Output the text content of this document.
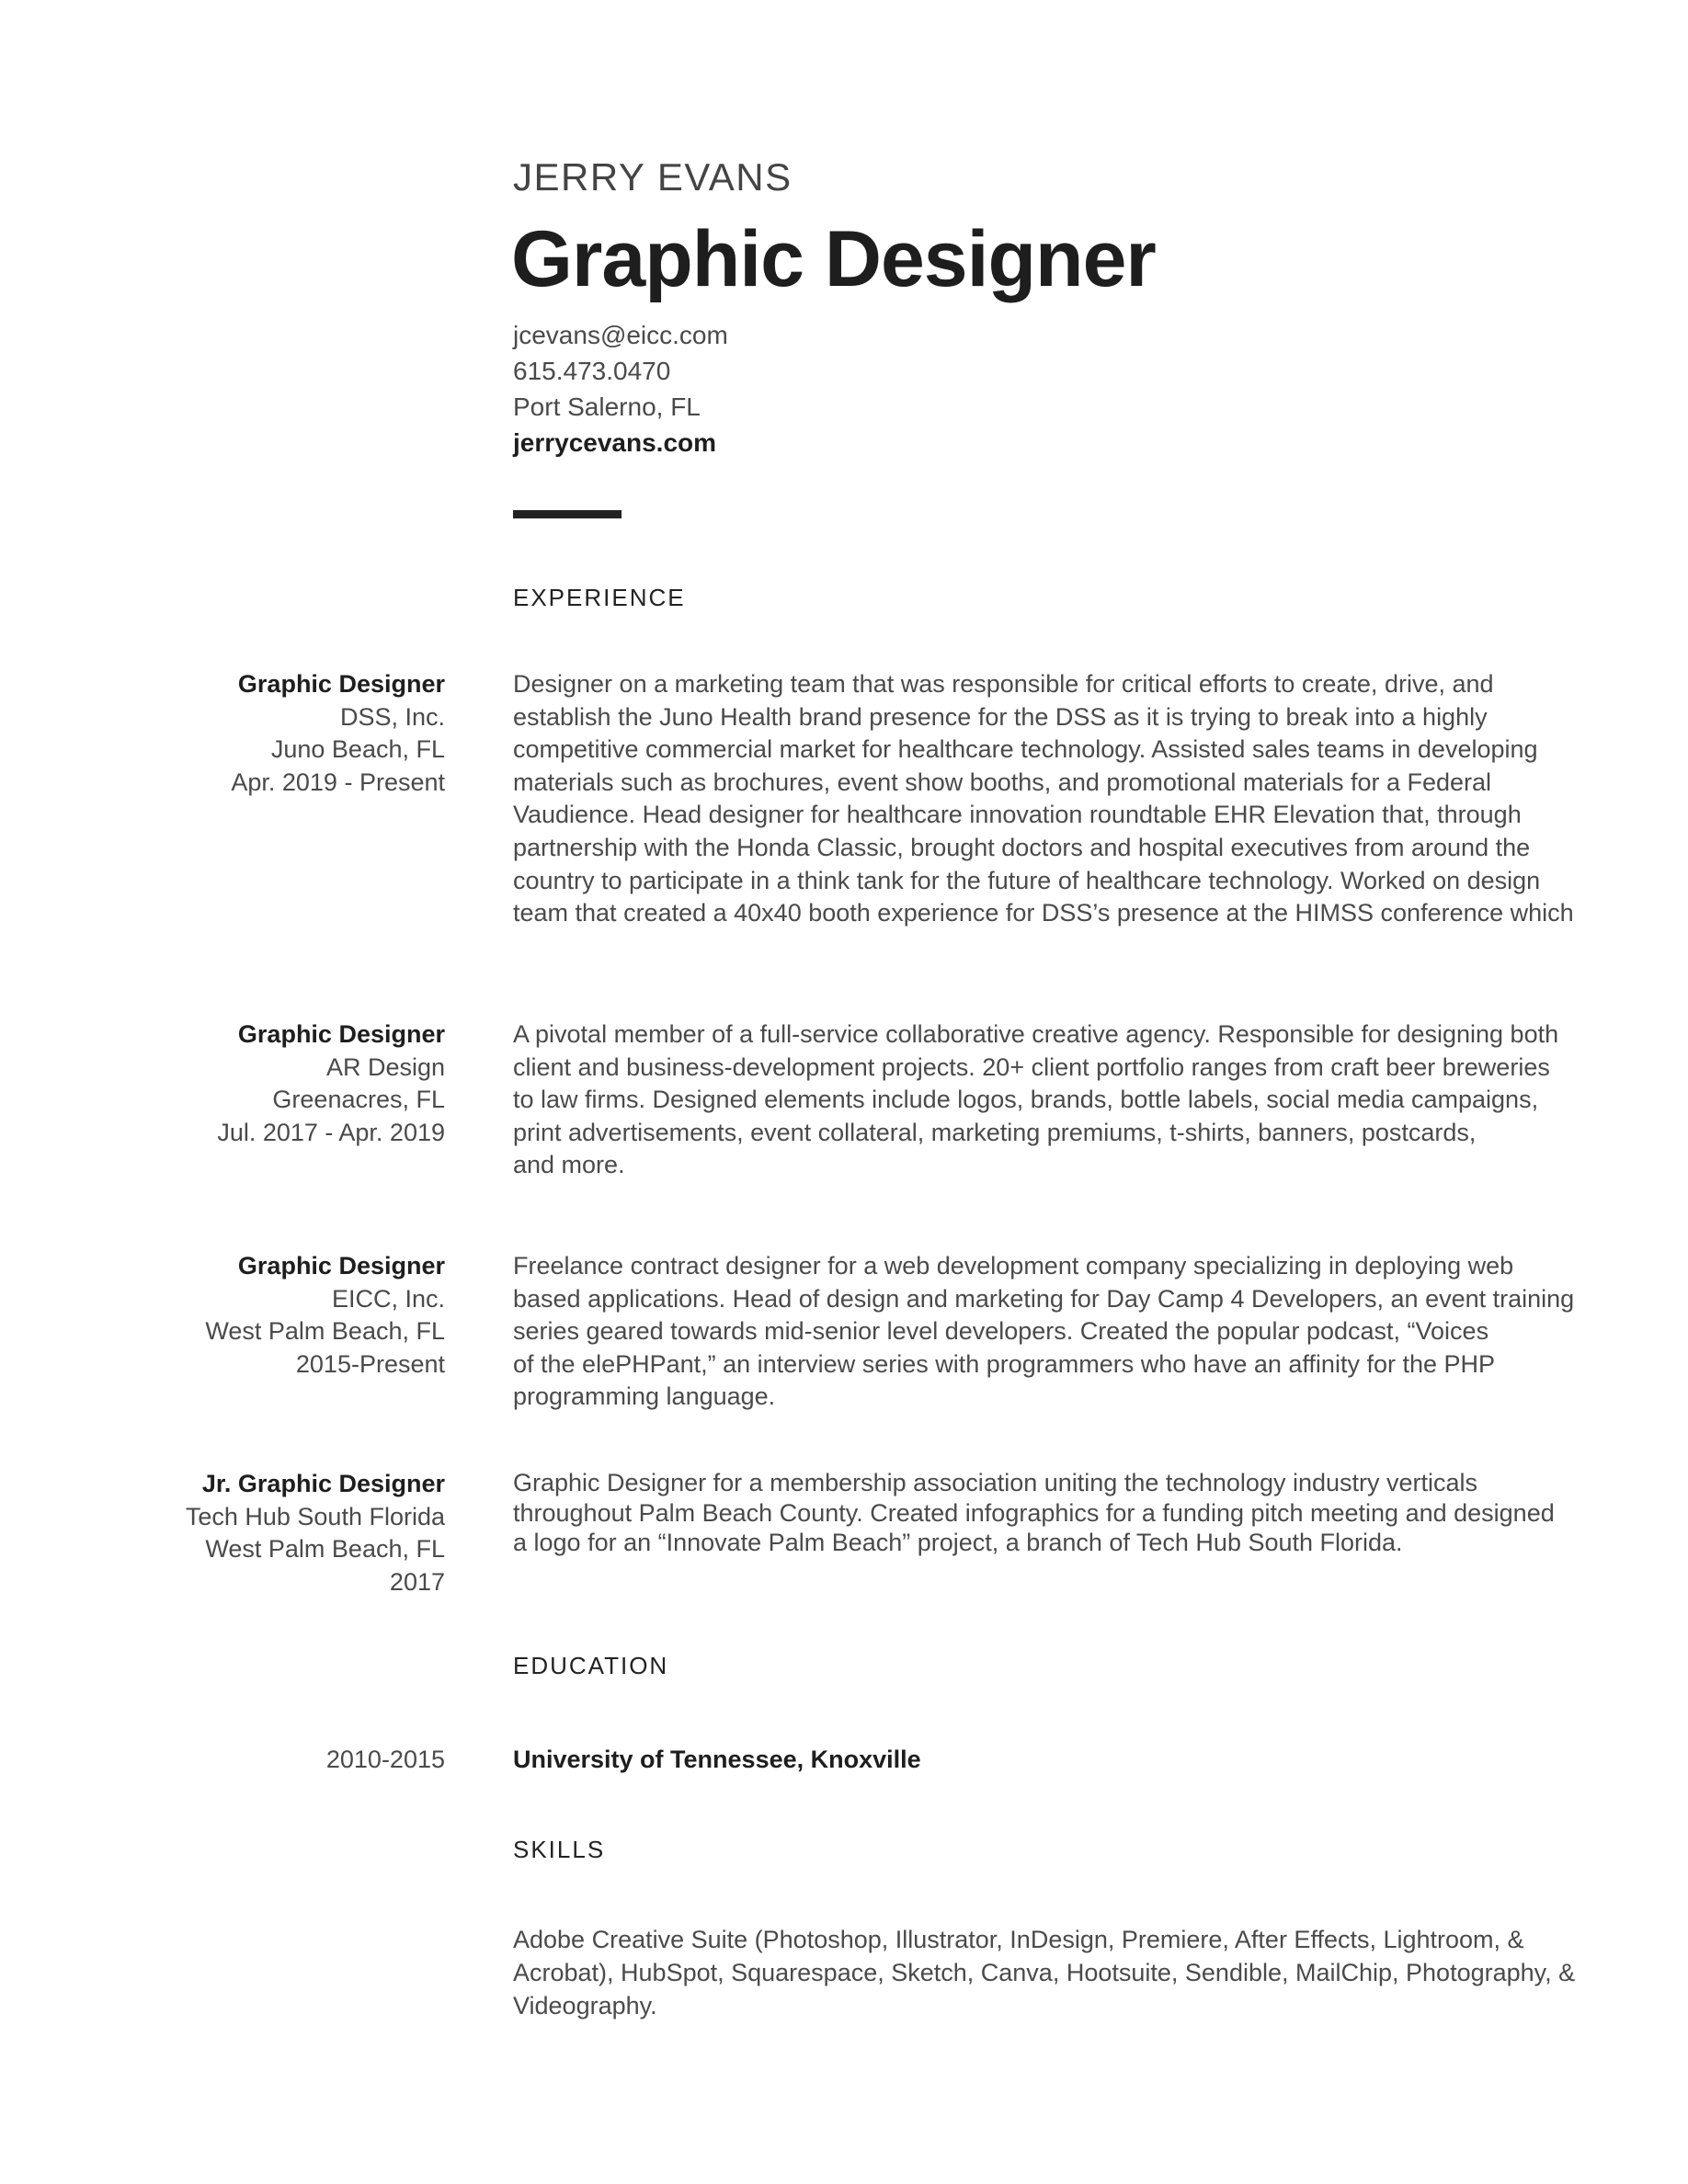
JERRY EVANS
Graphic Designer
jcevans@eicc.com
615.473.0470
Port Salerno, FL
jerrycevans.com
EXPERIENCE
Graphic Designer
DSS, Inc.
Juno Beach, FL
Apr. 2019 - Present
Designer on a marketing team that was responsible for critical efforts to create, drive, and
establish the Juno Health brand presence for the DSS as it is trying to break into a highly
competitive commercial market for healthcare technology. Assisted sales teams in developing
materials such as brochures, event show booths, and promotional materials for a Federal
Vaudience. Head designer for healthcare innovation roundtable EHR Elevation that, through
partnership with the Honda Classic, brought doctors and hospital executives from around the
country to participate in a think tank for the future of healthcare technology. Worked on design
team that created a 40x40 booth experience for DSS’s presence at the HIMSS conference which
Graphic Designer
AR Design
Greenacres, FL
Jul. 2017 - Apr. 2019
A pivotal member of a full-service collaborative creative agency. Responsible for designing both
client and business-development projects. 20+ client portfolio ranges from craft beer breweries
to law firms. Designed elements include logos, brands, bottle labels, social media campaigns,
print advertisements, event collateral, marketing premiums, t-shirts, banners, postcards,
and more.
Graphic Designer
EICC, Inc.
West Palm Beach, FL
2015-Present
Freelance contract designer for a web development company specializing in deploying web
based applications. Head of design and marketing for Day Camp 4 Developers, an event training
series geared towards mid-senior level developers. Created the popular podcast, “Voices
of the elePHPant,” an interview series with programmers who have an affinity for the PHP
programming language.
Jr. Graphic Designer
Tech Hub South Florida
West Palm Beach, FL
2017
Graphic Designer for a membership association uniting the technology industry verticals
throughout Palm Beach County. Created infographics for a funding pitch meeting and designed
a logo for an “Innovate Palm Beach” project, a branch of Tech Hub South Florida.
EDUCATION
2010-2015	University of Tennessee, Knoxville
SKILLS
Adobe Creative Suite (Photoshop, Illustrator, InDesign, Premiere, After Effects, Lightroom, &
Acrobat), HubSpot, Squarespace, Sketch, Canva, Hootsuite, Sendible, MailChip, Photography, &
Videography.
